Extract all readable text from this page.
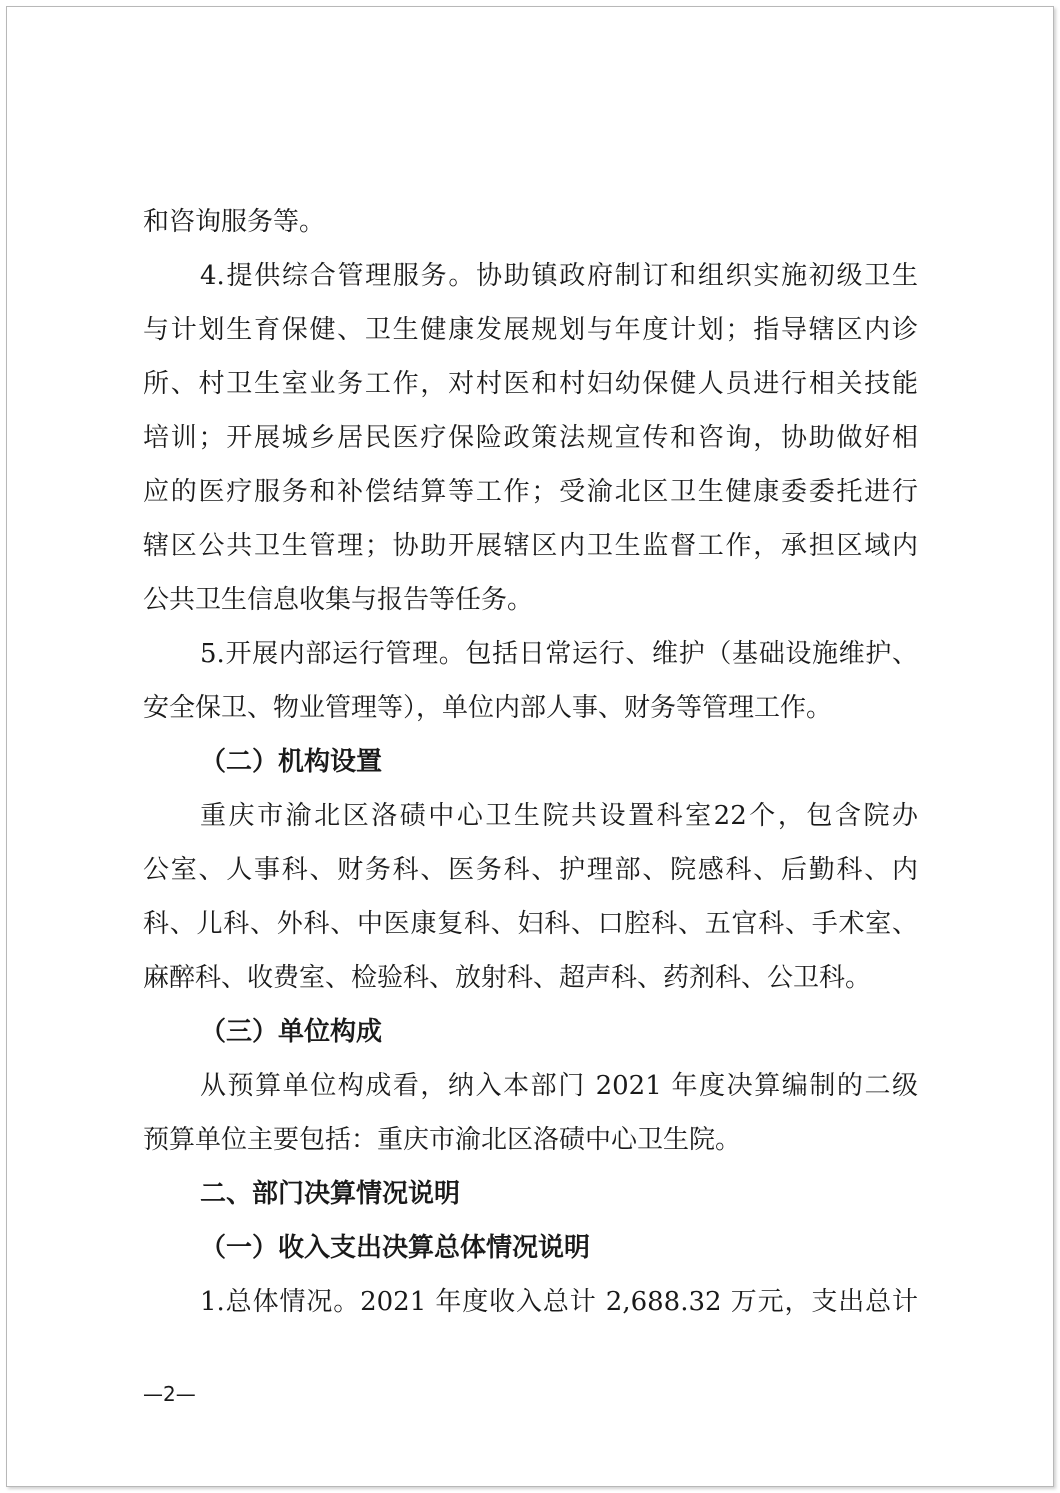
和咨询服务等。
4.提供综合管理服务。协助镇政府制订和组织实施初级卫生
与计划生育保健、卫生健康发展规划与年度计划；指导辖区内诊
所、村卫生室业务工作，对村医和村妇幼保健人员进行相关技能
培训；开展城乡居民医疗保险政策法规宣传和咨询，协助做好相
应的医疗服务和补偿结算等工作；受渝北区卫生健康委委托进行
辖区公共卫生管理；协助开展辖区内卫生监督工作，承担区域内
公共卫生信息收集与报告等任务。
5.开展内部运行管理。包括日常运行、维护（基础设施维护、
安全保卫、物业管理等），单位内部人事、财务等管理工作。
（二）机构设置
重庆市渝北区洛碛中心卫生院共设置科室22个，包含院办
公室、人事科、财务科、医务科、护理部、院感科、后勤科、内
科、儿科、外科、中医康复科、妇科、口腔科、五官科、手术室、
麻醉科、收费室、检验科、放射科、超声科、药剂科、公卫科。
（三）单位构成
从预算单位构成看，纳入本部门 2021 年度决算编制的二级
预算单位主要包括：重庆市渝北区洛碛中心卫生院。
二、部门决算情况说明
（一）收入支出决算总体情况说明
1.总体情况。2021 年度收入总计 2,688.32 万元，支出总计
—2—
